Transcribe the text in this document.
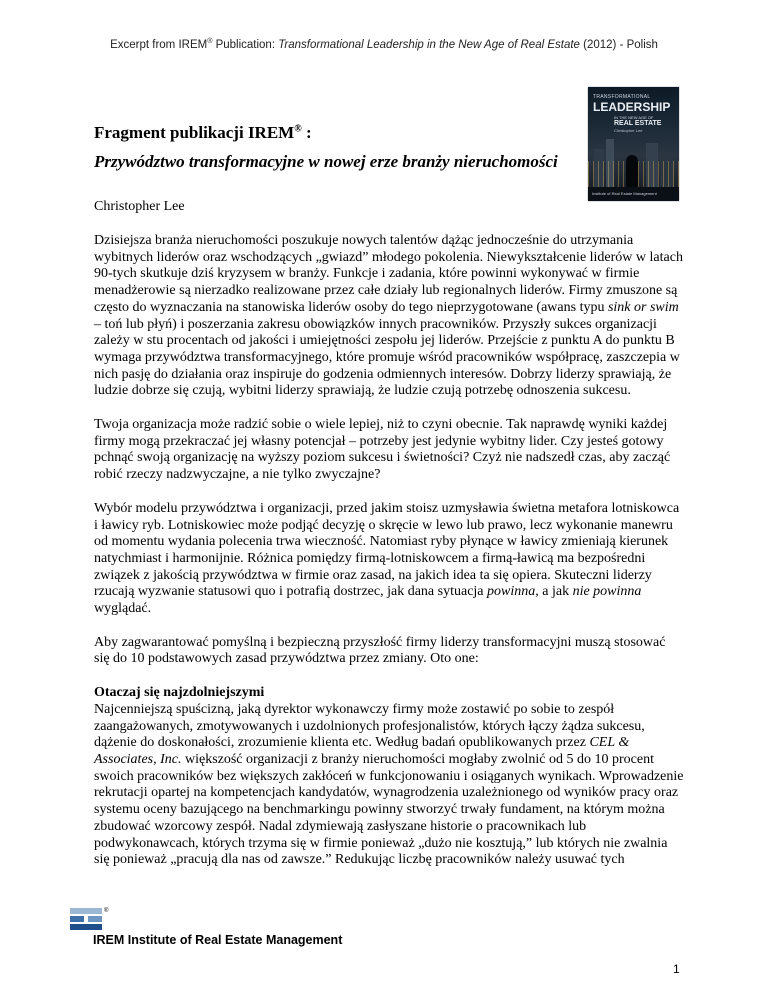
Excerpt from IREM® Publication: Transformational Leadership in the New Age of Real Estate (2012) - Polish
TRANSFORMATIONAL
LEADERSHIP
IN THE NEW AGE OF
REAL ESTATE
Christopher Lee
Institute of Real Estate Management
Fragment publikacji IREM® :
Przywództwo transformacyjne w nowej erze branży nieruchomości
Christopher Lee

Dzisiejsza branża nieruchomości poszukuje nowych talentów dążąc jednocześnie do utrzymania wybitnych liderów oraz wschodzących „gwiazd” młodego pokolenia. Niewykształcenie liderów w latach 90-tych skutkuje dziś kryzysem w branży. Funkcje i zadania, które powinni wykonywać w firmie menadżerowie są nierzadko realizowane przez całe działy lub regionalnych liderów. Firmy zmuszone są często do wyznaczania na stanowiska liderów osoby do tego nieprzygotowane (awans typu sink or swim – toń lub płyń) i poszerzania zakresu obowiązków innych pracowników. Przyszły sukces organizacji zależy w stu procentach od jakości i umiejętności zespołu jej liderów. Przejście z punktu A do punktu B wymaga przywództwa transformacyjnego, które promuje wśród pracowników współpracę, zaszczepia w nich pasję do działania oraz inspiruje do godzenia odmiennych interesów. Dobrzy liderzy sprawiają, że ludzie dobrze się czują, wybitni liderzy sprawiają, że ludzie czują potrzebę odnoszenia sukcesu.

Twoja organizacja może radzić sobie o wiele lepiej, niż to czyni obecnie. Tak naprawdę wyniki każdej firmy mogą przekraczać jej własny potencjał – potrzeby jest jedynie wybitny lider. Czy jesteś gotowy pchnąć swoją organizację na wyższy poziom sukcesu i świetności? Czyż nie nadszedł czas, aby zacząć robić rzeczy nadzwyczajne, a nie tylko zwyczajne?

Wybór modelu przywództwa i organizacji, przed jakim stoisz uzmysławia świetna metafora lotniskowca i ławicy ryb. Lotniskowiec może podjąć decyzję o skręcie w lewo lub prawo, lecz wykonanie manewru od momentu wydania polecenia trwa wieczność. Natomiast ryby płynące w ławicy zmieniają kierunek natychmiast i harmonijnie. Różnica pomiędzy firmą-lotniskowcem a firmą-ławicą ma bezpośredni związek z jakością przywództwa w firmie oraz zasad, na jakich idea ta się opiera. Skuteczni liderzy rzucają wyzwanie statusowi quo i potrafią dostrzec, jak dana sytuacja powinna, a jak nie powinna wyglądać.

Aby zagwarantować pomyślną i bezpieczną przyszłość firmy liderzy transformacyjni muszą stosować się do 10 podstawowych zasad przywództwa przez zmiany. Oto one:

Otaczaj się najzdolniejszymi

Najcenniejszą spuścizną, jaką dyrektor wykonawczy firmy może zostawić po sobie to zespół zaangażowanych, zmotywowanych i uzdolnionych profesjonalistów, których łączy żądza sukcesu, dążenie do doskonałości, zrozumienie klienta etc. Według badań opublikowanych przez CEL & Associates, Inc. większość organizacji z branży nieruchomości mogłaby zwolnić od 5 do 10 procent swoich pracowników bez większych zakłóceń w funkcjonowaniu i osiąganych wynikach. Wprowadzenie rekrutacji opartej na kompetencjach kandydatów, wynagrodzenia uzależnionego od wyników pracy oraz systemu oceny bazującego na benchmarkingu powinny stworzyć trwały fundament, na którym można zbudować wzorcowy zespół. Nadal zdymiewają zasłyszane historie o pracownikach lub podwykonawcach, których trzyma się w firmie ponieważ „dużo nie kosztują,” lub których nie zwalnia się ponieważ „pracują dla nas od zawsze.” Redukując liczbę pracowników należy usuwać tych

®
IREM Institute of Real Estate Management
1
